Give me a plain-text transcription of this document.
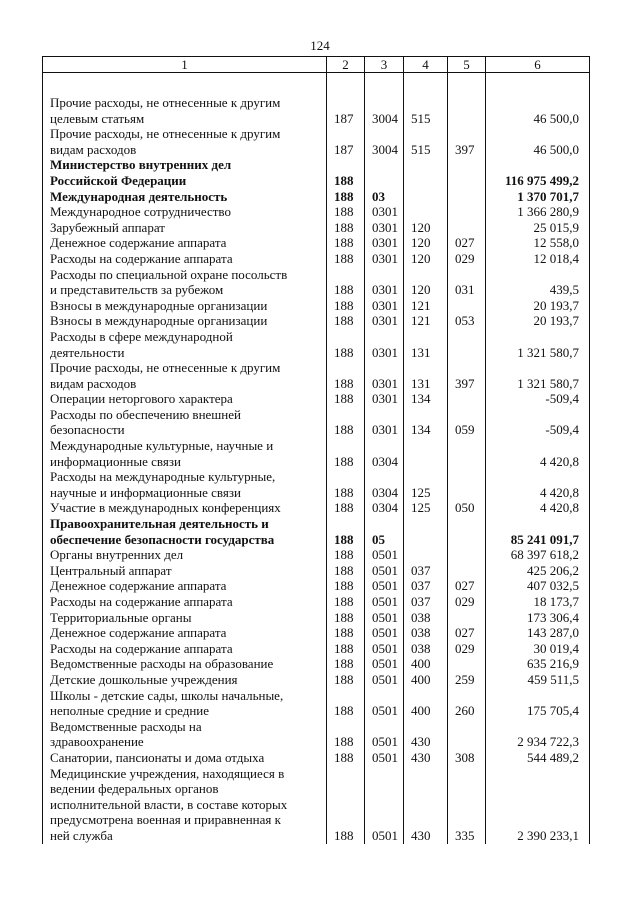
124
1	2	3	4	5	6

Прочие расходы, не отнесенные к другим
целевым статьям	187	3004	515		46 500,0
Прочие расходы, не отнесенные к другим
видам расходов	187	3004	515	397	46 500,0
Министерство внутренних дел
Российской Федерации	188				116 975 499,2
Международная деятельность	188	03			1 370 701,7
Международное сотрудничество	188	0301			1 366 280,9
Зарубежный аппарат	188	0301	120		25 015,9
Денежное содержание аппарата	188	0301	120	027	12 558,0
Расходы на содержание аппарата	188	0301	120	029	12 018,4
Расходы по специальной охране посольств
и представительств за рубежом	188	0301	120	031	439,5
Взносы в международные организации	188	0301	121		20 193,7
Взносы в международные организации	188	0301	121	053	20 193,7
Расходы в сфере международной
деятельности	188	0301	131		1 321 580,7
Прочие расходы, не отнесенные к другим
видам расходов	188	0301	131	397	1 321 580,7
Операции неторгового характера	188	0301	134		-509,4
Расходы по обеспечению внешней
безопасности	188	0301	134	059	-509,4
Международные культурные, научные и
информационные связи	188	0304			4 420,8
Расходы на международные культурные,
научные и информационные связи	188	0304	125		4 420,8
Участие в международных конференциях	188	0304	125	050	4 420,8
Правоохранительная деятельность и
обеспечение безопасности государства	188	05			85 241 091,7
Органы внутренних дел	188	0501			68 397 618,2
Центральный аппарат	188	0501	037		425 206,2
Денежное содержание аппарата	188	0501	037	027	407 032,5
Расходы на содержание аппарата	188	0501	037	029	18 173,7
Территориальные органы	188	0501	038		173 306,4
Денежное содержание аппарата	188	0501	038	027	143 287,0
Расходы на содержание аппарата	188	0501	038	029	30 019,4
Ведомственные расходы на образование	188	0501	400		635 216,9
Детские дошкольные учреждения	188	0501	400	259	459 511,5
Школы - детские сады, школы начальные,
неполные средние и средние	188	0501	400	260	175 705,4
Ведомственные расходы на
здравоохранение	188	0501	430		2 934 722,3
Санатории, пансионаты и дома отдыха	188	0501	430	308	544 489,2
Медицинские учреждения, находящиеся в
ведении федеральных органов
исполнительной власти, в составе которых
предусмотрена военная и приравненная к
ней служба	188	0501	430	335	2 390 233,1
